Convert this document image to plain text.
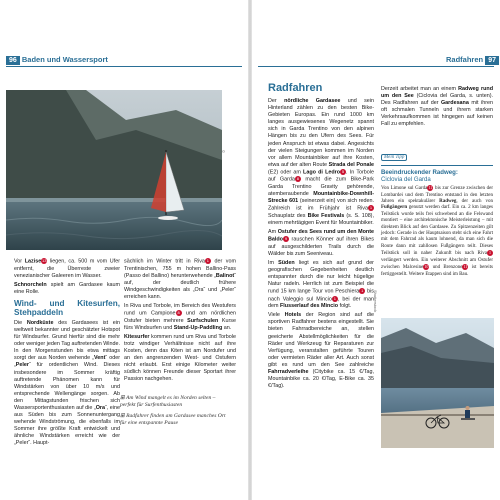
96 Baden und Wassersport
©

Vor Lazise13 liegen, ca. 500 m vom Ufer entfernt, die Überreste zweier venezianischer Galeeren im Wasser.

Schnorcheln spielt am Gardasee kaum eine Rolle.

Wind- und Kitesurfen, Stehpaddeln

Die Nordküste des Gardasees ist ein weltweit bekannter und geschätzter Hotspot für Windsurfer. Grund hierfür sind die mehr oder weniger jeden Tag auftretenden Winde. In den Morgenstunden bis etwa mittags sorgt der aus Norden wehende „Vent“ oder „Peler“ für ordentlichen Wind. Dieses insbesondere im Sommer kräftig auftretende Phänomen kann für Windstärken von über 10 m/s und entsprechende Wellengänge sorgen. Ab den Mittagstunden frischen sich Wassersportenthusiasten auf die „Ora“, eine aus Süden bis zum Sonnenuntergang wehende Windströmung, die ebenfalls im Sommer ihre größte Kraft entwickelt und ähnliche Windstärken erreicht wie der „Peler“. Haupt-

sächlich im Winter tritt in Riva 1 der vom Trentinischen, 755 m hohen Ballino-Pass (Passo del Ballino) herunterwehende „Balinot“ auf, der deutlich frühere Windgeschwindigkeiten als „Ora“ und „Peler“ erreichen kann.

In Riva und Torbole, im Bereich des Westufers rund um Campione 8 und am nördlichen Ostufer bieten mehrere Surfschulen Kurse fürs Windsurfen und Stand-Up-Paddling an.

Kitesurfer kommen rund um Riva und Torbole trotz windiger Verhältnisse nicht auf ihre Kosten, denn das Kiten ist am Nordufer und an den angrenzenden West- und Ostufern nicht erlaubt. Erst einige Kilometer weiter südlich können Freunde dieser Sportart ihrer Passion nachgehen.

⊞ Am Wind mangelt es im Norden selten – perfekt für Surfenthusiasten
⊞ Radfahrer finden am Gardasee manches Ort für eine entspannte Pause
Radfahren 97
Radfahren

Der nördliche Gardasee und sein Hinterland zählen zu den besten Bike-Gebieten Europas. Ein rund 1000 km langes ausgewiesenes Wegenetz spannt sich in Garda Trentino von den alpinen Hängen bis zu den Ufern des Sees. Für jeden Anspruch ist etwas dabei. Angesichts der vielen Steigungen kommen im Norden vor allem Mountainbiker auf ihre Kosten, etwa auf der alten Route Strada del Ponale (E2) oder am Lago di Ledro 5 . In Torbole auf Garda 8 macht die zum Bike-Park Garda Trentino Gravity gehörende, atemberaubende Mountainbike-Downhill-Strecke 601 (seinerzeit ein) von sich reden. Zahlreich ist im Frühjahr ist Riva 1 Schauplatz des Bike Festivals (s. S. 108), einem mehrtägigen Event für Mountainbiker.

Am Ostufer des Sees rund um den Monte Baldo 9 rauschen Könner auf ihren Bikes auf ausgeschilderten Trails durch die Wälder bis zum Seeniveau.

Im Süden liegt es sich auf grund der geografischen Gegebenheiten deutlich entspannter durch die nur leicht hügelige Natur radeln. Herrlich ist zum Beispiel die rund 15 km lange Tour von Peschiera 1 bis nach Valeggio sul Mincio 1 , bei der man dem Flusserlauf des Mincio folgt.

Viele Hotels der Region sind auf die sportiven Radfahrer bestens eingestellt. Sie bieten Fahrradbereiche an, stellen geeicherte Abstellmöglichkeiten für die Räder und Werkzeug für Reparaturen zur Verfügung, veranstalten geführte Touren oder vermieten Räder aller Art. Auch sonst gibt es rund um den See zahlreiche Fahrradverleihe (Citybike ca. 15 €/Tag, Mountainbike ca. 20 €/Tag, E-Bike ca. 35 €/Tag).

Derzeit arbeitet man an einem Radweg rund um den See (Ciclovia del Garda, s. unten). Des Radfahren auf der Gardesana mit ihren oft schmalen Tunneln und ihrem starken Verkehrsaufkommen ist hingegen auf keinen Fall zu empfehlen.

Mein Tipp
Beeindruckender Radweg:
Ciclovia del Garda
Von Limone sul Garda11 bis zur Grenze zwischen der Lombardei und dem Trentino entstand in den letzten Jahren ein spektakulärer Radweg, der auch von Fußgängern genutzt werden darf. Ein ca. 2 km langes Teilstück wurde teils frei schwebend an die Felswand montiert – eine architektonische Meisterleistung – mit direktem Blick auf den Gardasee. Zu Spitzenzeiten gilt jedoch: Gerade in der Hauptsaison steht sich eine Fahrt mit dem Fahrrad als kaum lohnend, da man sich die Route dann mit zahllosen Fußgängern teilt. Dieses Teilstück soll in naher Zukunft bis nach Riva 1 verlängert werden. Ein weiterer Abschnitt am Ostufer zwischen Malcesine10 und Brenzone11 ist bereits fertiggestellt. Weitere Etappen sind im Bau.
Shutterstock
